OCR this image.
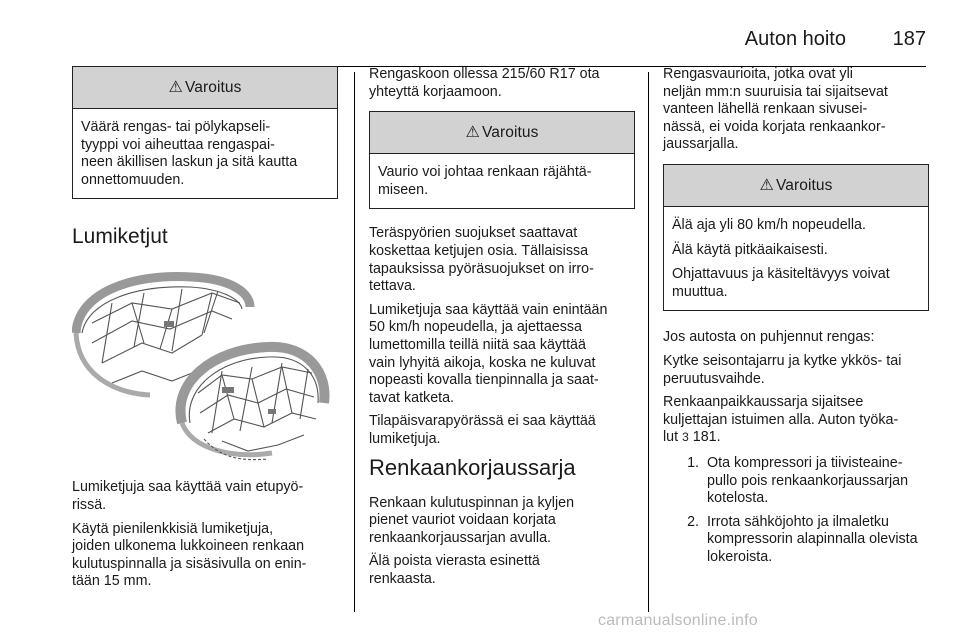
Auton hoito 187
⚠ Varoitus
Väärä rengas- tai pölykapseli-
tyyppi voi aiheuttaa rengaspai-
neen äkillisen laskun ja sitä kautta
onnettomuuden.
Lumiketjut

Lumiketjuja saa käyttää vain etupyö-
rissä.

Käytä pienilenkkisiä lumiketjuja,
joiden ulkonema lukkoineen renkaan
kulutuspinnalla ja sisäsivulla on enin-
tään 15 mm.

Rengaskoon ollessa 215/60 R17 ota
yhteyttä korjaamoon.

⚠ Varoitus
Vaurio voi johtaa renkaan räjähtä-
miseen.

Teräspyörien suojukset saattavat
koskettaa ketjujen osia. Tällaisissa
tapauksissa pyöräsuojukset on irro-
tettava.

Lumiketjuja saa käyttää vain enintään
50 km/h nopeudella, ja ajettaessa
lumettomilla teillä niitä saa käyttää
vain lyhyitä aikoja, koska ne kuluvat
nopeasti kovalla tienpinnalla ja saat-
tavat katketa.

Tilapäisvarapyörässä ei saa käyttää
lumiketjuja.

Renkaankorjaussarja

Renkaan kulutuspinnan ja kyljen
pienet vauriot voidaan korjata
renkaankorjaussarjan avulla.

Älä poista vierasta esinettä
renkaasta.

Rengasvaurioita, jotka ovat yli
neljän mm:n suuruisia tai sijaitsevat
vanteen lähellä renkaan sivusei-
nässä, ei voida korjata renkaankor-
jaussarjalla.

⚠ Varoitus

Älä aja yli 80 km/h nopeudella.

Älä käytä pitkäaikaisesti.

Ohjattavuus ja käsiteltävyys voivat
muuttua.

Jos autosta on puhjennut rengas:

Kytke seisontajarru ja kytke ykkös- tai
peruutusvaihde.

Renkaanpaikkaussarja sijaitsee
kuljettajan istuimen alla. Auton työka-
lut 3 181.

1. Ota kompressori ja tiivisteaine-
pullo pois renkaankorjaussarjan
kotelosta.
2. Irrota sähköjohto ja ilmaletku
kompressorin alapinnalla olevista
lokeroista.
carmanualsonline.info
